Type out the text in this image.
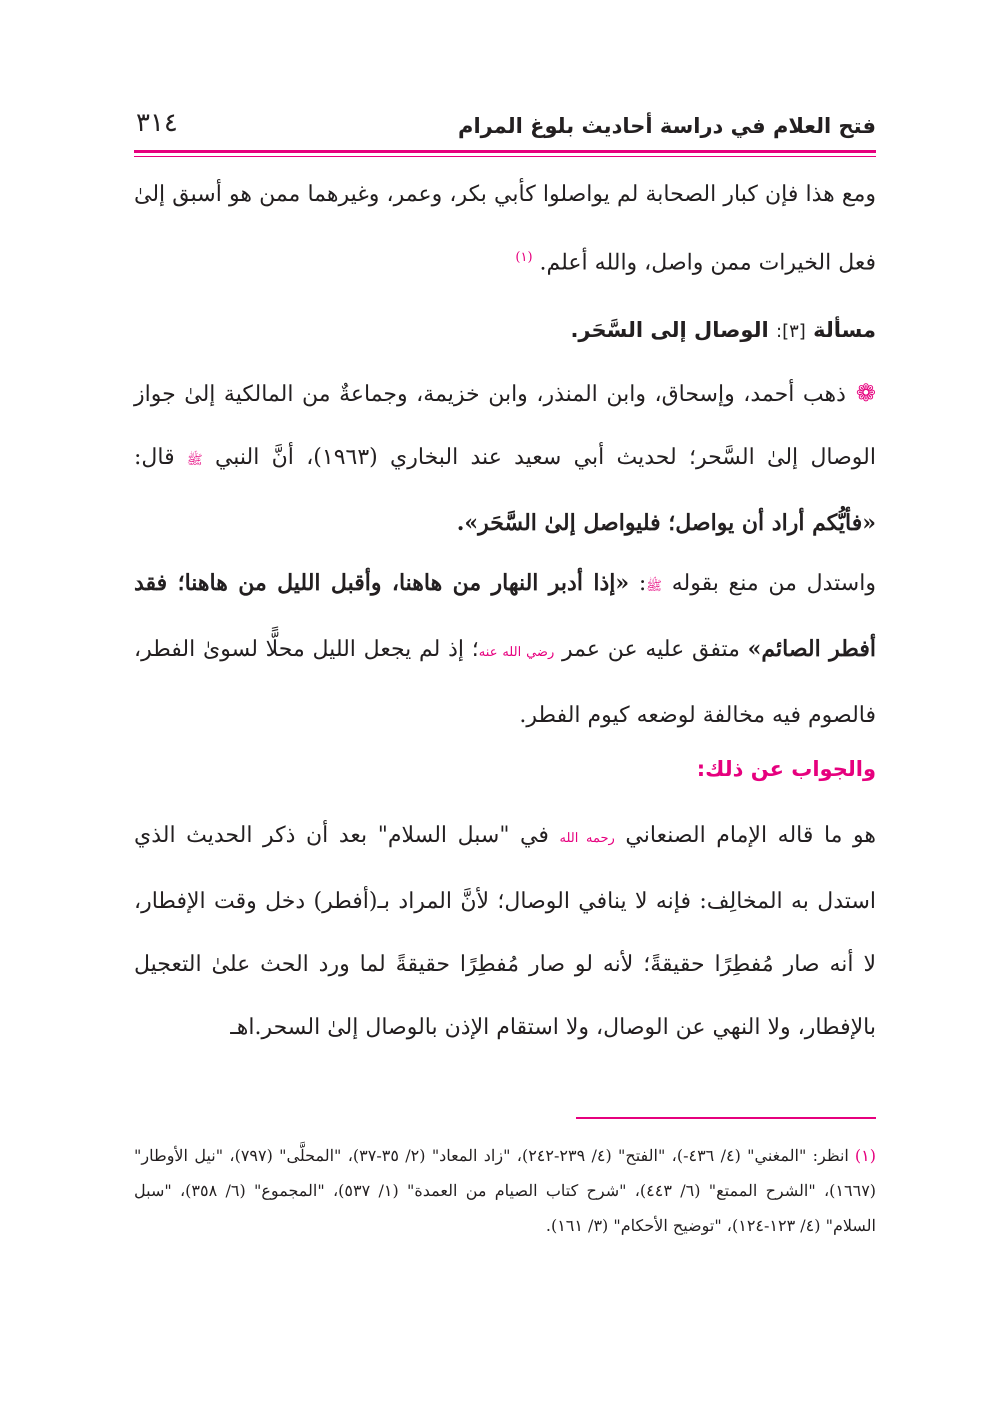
فتح العلام في دراسة أحاديث بلوغ المرام
٣١٤

ومع هذا فإن كبار الصحابة لم يواصلوا كأبي بكر، وعمر، وغيرهما ممن هو أسبق إلىٰ فعل الخيرات ممن واصل، والله أعلم. $^{(١)}$

مسألة [٣]: الوصال إلى السَّحَر.

❁ذهب أحمد، وإسحاق، وابن المنذر، وابن خزيمة، وجماعةٌ من المالكية إلىٰ جواز الوصال إلىٰ السَّحر؛ لحديث أبي سعيد عند البخاري (١٩٦٣)، أنَّ النبي ﷺ قال: «فأيُّكم أراد أن يواصل؛ فليواصل إلىٰ السَّحَر».

واستدل من منع بقوله ﷺ: «إذا أدبر النهار من هاهنا، وأقبل الليل من هاهنا؛ فقد أفطر الصائم» متفق عليه عن عمر رضي الله عنه؛ إذ لم يجعل الليل محلًّا لسوىٰ الفطر، فالصوم فيه مخالفة لوضعه كيوم الفطر.

والجواب عن ذلك:

هو ما قاله الإمام الصنعاني رحمه الله في "سبل السلام" بعد أن ذكر الحديث الذي استدل به المخالِف: فإنه لا ينافي الوصال؛ لأنَّ المراد بـ(أفطر) دخل وقت الإفطار، لا أنه صار مُفطِرًا حقيقةً؛ لأنه لو صار مُفطِرًا حقيقةً لما ورد الحث علىٰ التعجيل بالإفطار، ولا النهي عن الوصال، ولا استقام الإذن بالوصال إلىٰ السحر.اهـ

(١)انظر: "المغني" (٤/ ٤٣٦-)، "الفتح" (٤/ ٢٣٩-٢٤٢)، "زاد المعاد" (٢/ ٣٥-٣٧)، "المحلَّى" (٧٩٧)، "نيل الأوطار" (١٦٦٧)، "الشرح الممتع" (٦/ ٤٤٣)، "شرح كتاب الصيام من العمدة" (١/ ٥٣٧)، "المجموع" (٦/ ٣٥٨)، "سبل السلام" (٤/ ١٢٣-١٢٤)، "توضيح الأحكام" (٣/ ١٦١).
